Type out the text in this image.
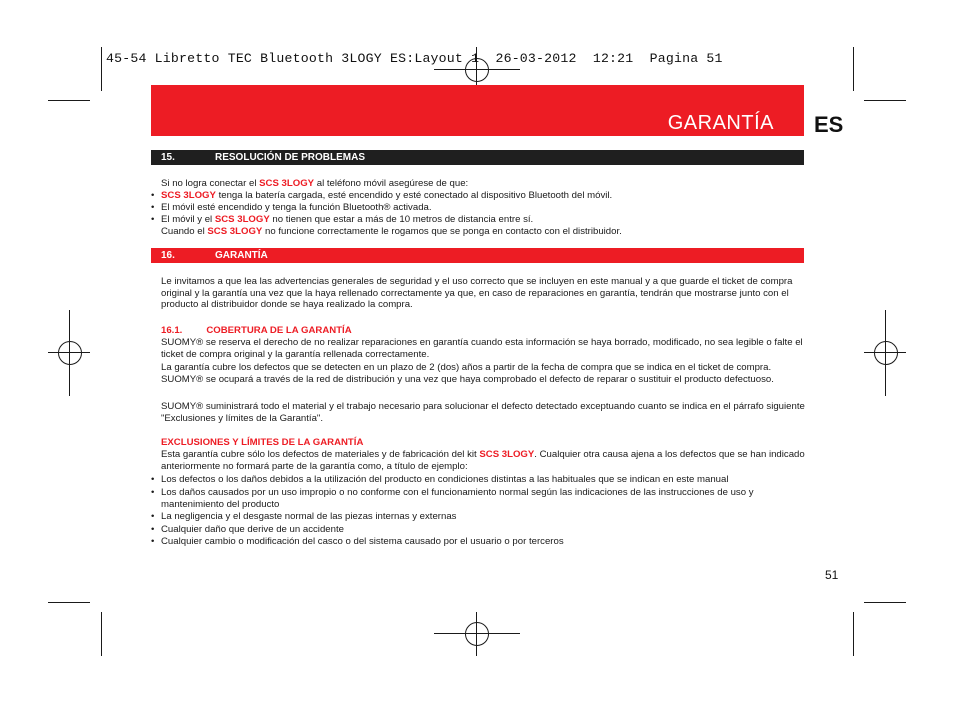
45-54 Libretto TEC Bluetooth 3LOGY ES:Layout 1  26-03-2012  12:21  Pagina 51
GARANTÍA ES
15.	RESOLUCIÓN DE PROBLEMAS
Si no logra conectar el SCS 3LOGY al teléfono móvil asegúrese de que:
• SCS 3LOGY tenga la batería cargada, esté encendido y esté conectado al dispositivo Bluetooth del móvil.
• El móvil esté encendido y tenga la función Bluetooth® activada.
• El móvil y el SCS 3LOGY no tienen que estar a más de 10 metros de distancia entre sí.
Cuando el SCS 3LOGY no funcione correctamente le rogamos que se ponga en contacto con el distribuidor.
16.	GARANTÍA
Le invitamos a que lea las advertencias generales de seguridad y el uso correcto que se incluyen en este manual y a que guarde el ticket de compra original y la garantía una vez que la haya rellenado correctamente ya que, en caso de reparaciones en garantía, tendrán que mostrarse junto con el producto al distribuidor donde se haya realizado la compra.
16.1.         COBERTURA DE LA GARANTÍA
SUOMY® se reserva el derecho de no realizar reparaciones en garantía cuando esta información se haya borrado, modificado, no sea legible o falte el ticket de compra original y la garantía rellenada correctamente.
La garantía cubre los defectos que se detecten en un plazo de 2 (dos) años a partir de la fecha de compra que se indica en el ticket de compra.
SUOMY® se ocupará a través de la red de distribución y una vez que haya comprobado el defecto de reparar o sustituir el producto defectuoso.
SUOMY® suministrará todo el material y el trabajo necesario para solucionar el defecto detectado exceptuando cuanto se indica en el párrafo siguiente "Exclusiones y límites de la Garantía".
EXCLUSIONES Y LÍMITES DE LA GARANTÍA
Esta garantía cubre sólo los defectos de materiales y de fabricación del kit SCS 3LOGY. Cualquier otra causa ajena a los defectos que se han indicado anteriormente no formará parte de la garantía como, a título de ejemplo:
• Los defectos o los daños debidos a la utilización del producto en condiciones distintas a las habituales que se indican en este manual
• Los daños causados por un uso impropio o no conforme con el funcionamiento normal según las indicaciones de las instrucciones de uso y mantenimiento del producto
• La negligencia y el desgaste normal de las piezas internas y externas
• Cualquier daño que derive de un accidente
• Cualquier cambio o modificación del casco o del sistema causado por el usuario o por terceros
51
